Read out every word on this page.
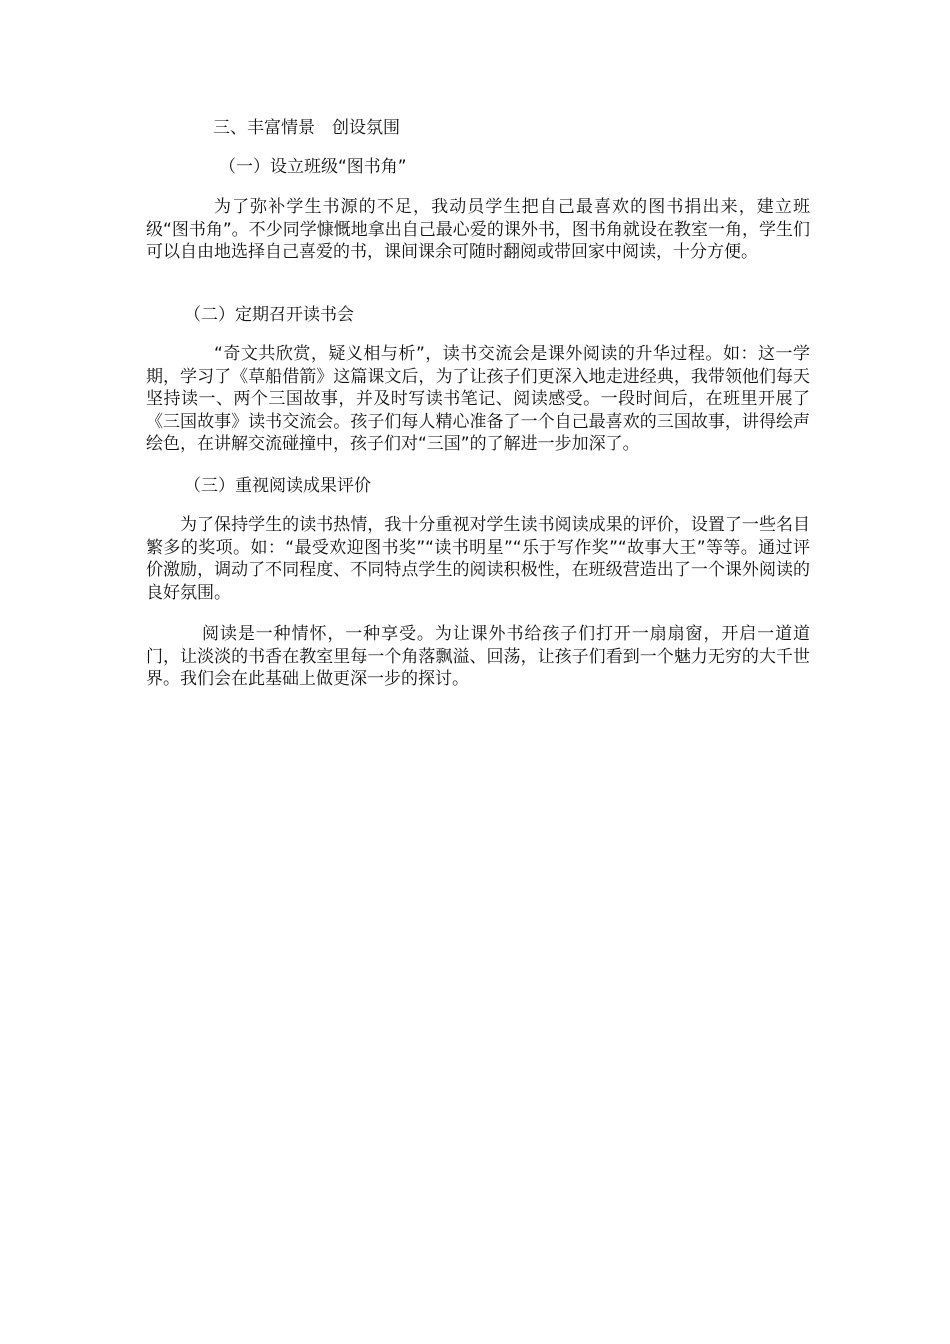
三、丰富情景　创设氛围
（一）设立班级“图书角”
为了弥补学生书源的不足，我动员学生把自己最喜欢的图书捐出来，建立班级“图书角”。不少同学慷慨地拿出自己最心爱的课外书，图书角就设在教室一角，学生们可以自由地选择自己喜爱的书，课间课余可随时翻阅或带回家中阅读，十分方便。
（二）定期召开读书会
“奇文共欣赏，疑义相与析”，读书交流会是课外阅读的升华过程。如：这一学期，学习了《草船借箭》这篇课文后，为了让孩子们更深入地走进经典，我带领他们每天坚持读一、两个三国故事，并及时写读书笔记、阅读感受。一段时间后，在班里开展了《三国故事》读书交流会。孩子们每人精心准备了一个自己最喜欢的三国故事，讲得绘声绘色，在讲解交流碰撞中，孩子们对“三国”的了解进一步加深了。
（三）重视阅读成果评价
为了保持学生的读书热情，我十分重视对学生读书阅读成果的评价，设置了一些名目繁多的奖项。如：“最受欢迎图书奖”“读书明星”“乐于写作奖”“故事大王”等等。通过评价激励，调动了不同程度、不同特点学生的阅读积极性，在班级营造出了一个课外阅读的良好氛围。
阅读是一种情怀，一种享受。为让课外书给孩子们打开一扇扇窗，开启一道道门，让淡淡的书香在教室里每一个角落飘溢、回荡，让孩子们看到一个魅力无穷的大千世界。我们会在此基础上做更深一步的探讨。
